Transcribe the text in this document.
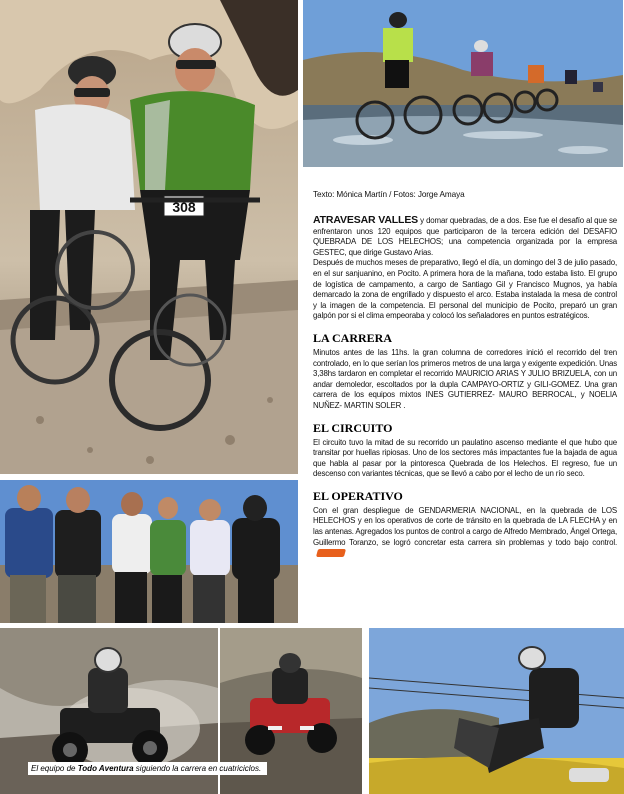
308
El equipo de Todo Aventura siguiendo la carrera en cuatriciclos.

Texto: Mónica Martín / Fotos: Jorge Amaya

ATRAVESAR VALLES y domar quebradas, de a dos. Ese fue el desafío al que se enfrentaron unos 120 equipos que participaron de la tercera edición del DESAFIO QUEBRADA DE LOS HELECHOS; una competencia organizada por la empresa GESTEC, que dirige Gustavo Arias.

Después de muchos meses de preparativo, llegó el día, un domingo del 3 de julio pasado, en el sur sanjuanino, en Pocito. A primera hora de la mañana, todo estaba listo. El grupo de logística de campamento, a cargo de Santiago Gil y Francisco Mugnos, ya había demarcado la zona de engrillado y dispuesto el arco. Estaba instalada la mesa de control y la imagen de la competencia. El personal del municipio de Pocito, preparó un gran galpón por si el clima empeoraba y colocó los señaladores en puntos estratégicos.

LA CARRERA

Minutos antes de las 11hs. la gran columna de corredores inició el recorrido del tren controlado, en lo que serían los primeros metros de una larga y exigente expedición. Unas 3,38hs tardaron en completar el recorrido MAURICIO ARIAS Y JULIO BRIZUELA, con un andar demoledor, escoltados por la dupla CAMPAYO-ORTIZ y GILI-GOMEZ. Una gran carrera de los equipos mixtos INES GUTIERREZ- MAURO BERROCAL, y NOELIA NUÑEZ- MARTIN SOLER .

EL CIRCUITO

El circuito tuvo la mitad de su recorrido un paulatino ascenso mediante el que hubo que transitar por huellas ripiosas. Uno de los sectores más impactantes fue la bajada de agua que habla al pasar por la pintoresca Quebrada de los Helechos. El regreso, fue un descenso con variantes técnicas, que se llevó a cabo por el lecho de un río seco.

EL OPERATIVO

Con el gran despliegue de GENDARMERIA NACIONAL, en la quebrada de LOS HELECHOS y en los operativos de corte de tránsito en la quebrada de LA FLECHA y en las antenas. Agregados los puntos de control a cargo de Alfredo Membrado, Ángel Ortega, Guillermo Toranzo, se logró concretar esta carrera sin problemas y todo bajo control.
